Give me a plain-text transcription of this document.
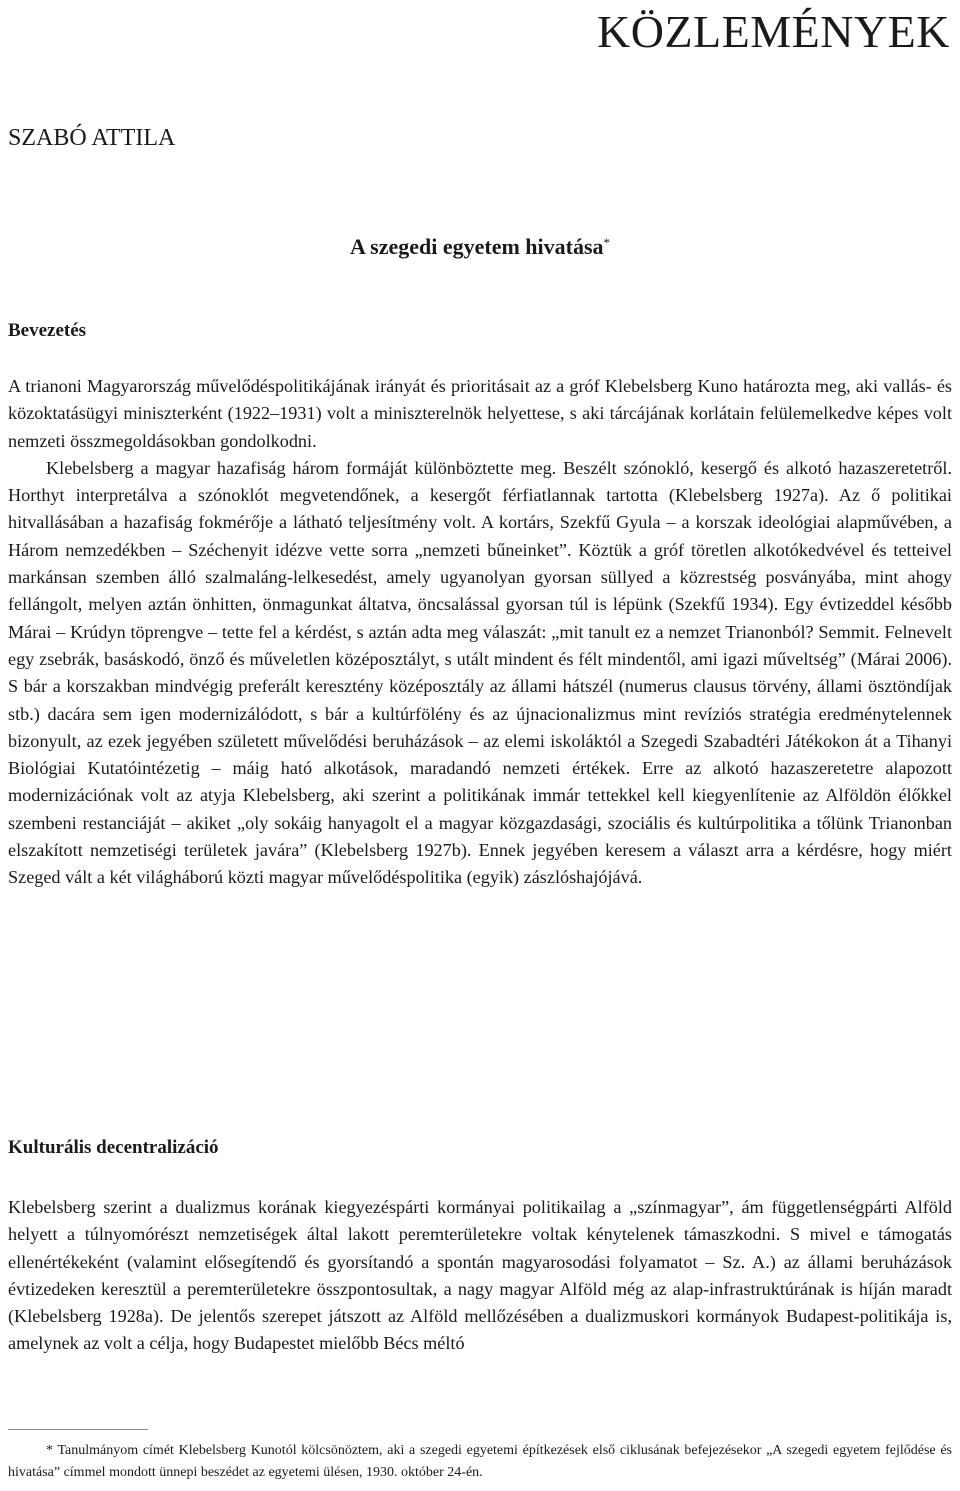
KÖZLEMÉNYEK
SZABÓ ATTILA
A szegedi egyetem hivatása*
Bevezetés

A trianoni Magyarország művelődéspolitikájának irányát és prioritásait az a gróf Klebelsberg Kuno határozta meg, aki vallás- és közoktatásügyi miniszterként (1922–1931) volt a miniszterelnök helyettese, s aki tárcájának korlátain felülemelkedve képes volt nemzeti összmegoldásokban gondolkodni.

Klebelsberg a magyar hazafiság három formáját különböztette meg. Beszélt szónokló, kesergő és alkotó hazaszeretetről. Horthyt interpretálva a szónoklót megvetendőnek, a kesergőt férfiatlannak tartotta (Klebelsberg 1927a). Az ő politikai hitvallásában a hazafiság fokmérője a látható teljesítmény volt. A kortárs, Szekfű Gyula – a korszak ideológiai alapművében, a Három nemzedékben – Széchenyit idézve vette sorra „nemzeti bűneinket”. Köztük a gróf töretlen alkotókedvével és tetteivel markánsan szemben álló szalmaláng-lelkesedést, amely ugyanolyan gyorsan süllyed a közrestség posványába, mint ahogy fellángolt, melyen aztán önhitten, önmagunkat áltatva, öncsalással gyorsan túl is lépünk (Szekfű 1934). Egy évtizeddel később Márai – Krúdyn töprengve – tette fel a kérdést, s aztán adta meg válaszát: „mit tanult ez a nemzet Trianonból? Semmit. Felnevelt egy zsebrák, basáskodó, önző és műveletlen középosztályt, s utált mindent és félt mindentől, ami igazi műveltség” (Márai 2006). S bár a korszakban mindvégig preferált keresztény középosztály az állami hátszél (numerus clausus törvény, állami ösztöndíjak stb.) dacára sem igen modernizálódott, s bár a kultúrfölény és az újnacionalizmus mint revíziós stratégia eredménytelennek bizonyult, az ezek jegyében született művelődési beruházások – az elemi iskoláktól a Szegedi Szabadtéri Játékokon át a Tihanyi Biológiai Kutatóintézetig – máig ható alkotások, maradandó nemzeti értékek. Erre az alkotó hazaszeretetre alapozott modernizációnak volt az atyja Klebelsberg, aki szerint a politikának immár tettekkel kell kiegyenlítenie az Alföldön élőkkel szembeni restanciáját – akiket „oly sokáig hanyagolt el a magyar közgazdasági, szociális és kultúrpolitika a tőlünk Trianonban elszakított nemzetiségi területek javára” (Klebelsberg 1927b). Ennek jegyében keresem a választ arra a kérdésre, hogy miért Szeged vált a két világháború közti magyar művelődéspolitika (egyik) zászlóshajójává.

Kulturális decentralizáció

Klebelsberg szerint a dualizmus korának kiegyezéspárti kormányai politikailag a „színmagyar”, ám függetlenségpárti Alföld helyett a túlnyomórészt nemzetiségek által lakott peremterületekre voltak kénytelenek támaszkodni. S mivel e támogatás ellenértékeként (valamint elősegítendő és gyorsítandó a spontán magyarosodási folyamatot – Sz. A.) az állami beruházások évtizedeken keresztül a peremterületekre összpontosultak, a nagy magyar Alföld még az alap-infrastruktúrának is híján maradt (Klebelsberg 1928a). De jelentős szerepet játszott az Alföld mellőzésében a dualizmuskori kormányok Budapest-politikája is, amelynek az volt a célja, hogy Budapestet mielőbb Bécs méltó

* Tanulmányom címét Klebelsberg Kunotól kölcsönöztem, aki a szegedi egyetemi építkezések első ciklusának befejezésekor „A szegedi egyetem fejlődése és hivatása” címmel mondott ünnepi beszédet az egyetemi ülésen, 1930. október 24-én.
